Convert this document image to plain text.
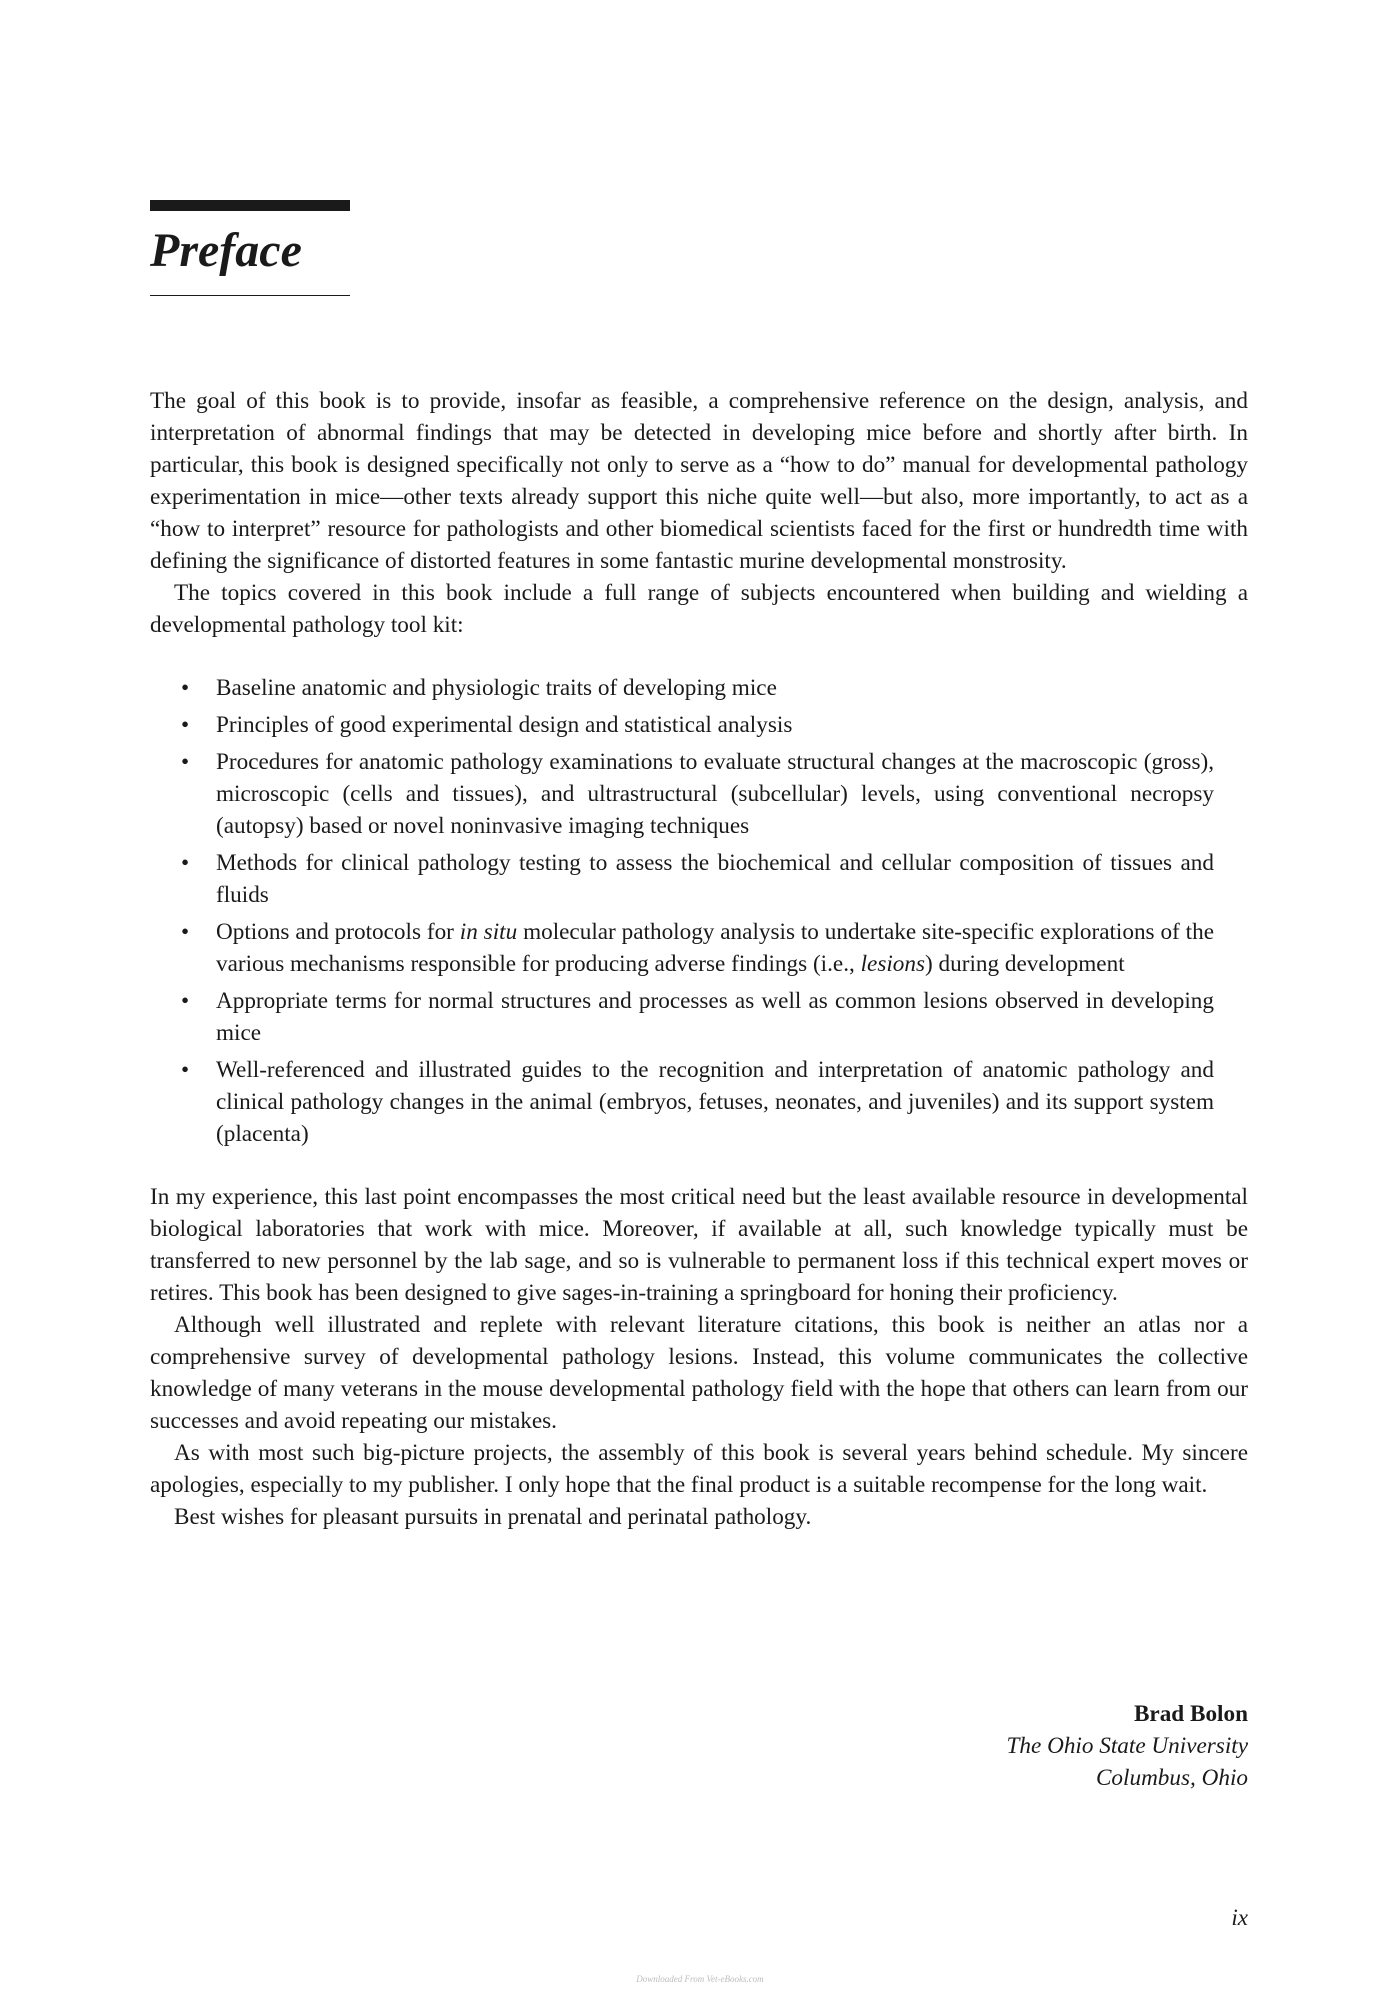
Preface

The goal of this book is to provide, insofar as feasible, a comprehensive reference on the design, analysis, and interpretation of abnormal findings that may be detected in developing mice before and shortly after birth. In particular, this book is designed specifically not only to serve as a “how to do” manual for developmental pathology experimentation in mice—other texts already support this niche quite well—but also, more importantly, to act as a “how to interpret” resource for pathologists and other biomedical scientists faced for the first or hundredth time with defining the significance of distorted features in some fantastic murine developmental monstrosity.

The topics covered in this book include a full range of subjects encountered when building and wielding a developmental pathology tool kit:

• Baseline anatomic and physiologic traits of developing mice
• Principles of good experimental design and statistical analysis
• Procedures for anatomic pathology examinations to evaluate structural changes at the macroscopic (gross), microscopic (cells and tissues), and ultrastructural (subcellular) levels, using conventional necropsy (autopsy) based or novel noninvasive imaging techniques
• Methods for clinical pathology testing to assess the biochemical and cellular composition of tissues and fluids
• Options and protocols for in situ molecular pathology analysis to undertake site-specific explorations of the various mechanisms responsible for producing adverse findings (i.e., lesions) during development
• Appropriate terms for normal structures and processes as well as common lesions observed in developing mice
• Well-referenced and illustrated guides to the recognition and interpretation of anatomic pathology and clinical pathology changes in the animal (embryos, fetuses, neonates, and juveniles) and its support system (placenta)

In my experience, this last point encompasses the most critical need but the least available resource in developmental biological laboratories that work with mice. Moreover, if available at all, such knowledge typically must be transferred to new personnel by the lab sage, and so is vulnerable to permanent loss if this technical expert moves or retires. This book has been designed to give sages-in-training a springboard for honing their proficiency.

Although well illustrated and replete with relevant literature citations, this book is neither an atlas nor a comprehensive survey of developmental pathology lesions. Instead, this volume communicates the collective knowledge of many veterans in the mouse developmental pathology field with the hope that others can learn from our successes and avoid repeating our mistakes.

As with most such big-picture projects, the assembly of this book is several years behind schedule. My sincere apologies, especially to my publisher. I only hope that the final product is a suitable recompense for the long wait.

Best wishes for pleasant pursuits in prenatal and perinatal pathology.

Brad Bolon
The Ohio State University
Columbus, Ohio
ix
Downloaded From Vet-eBooks.com
